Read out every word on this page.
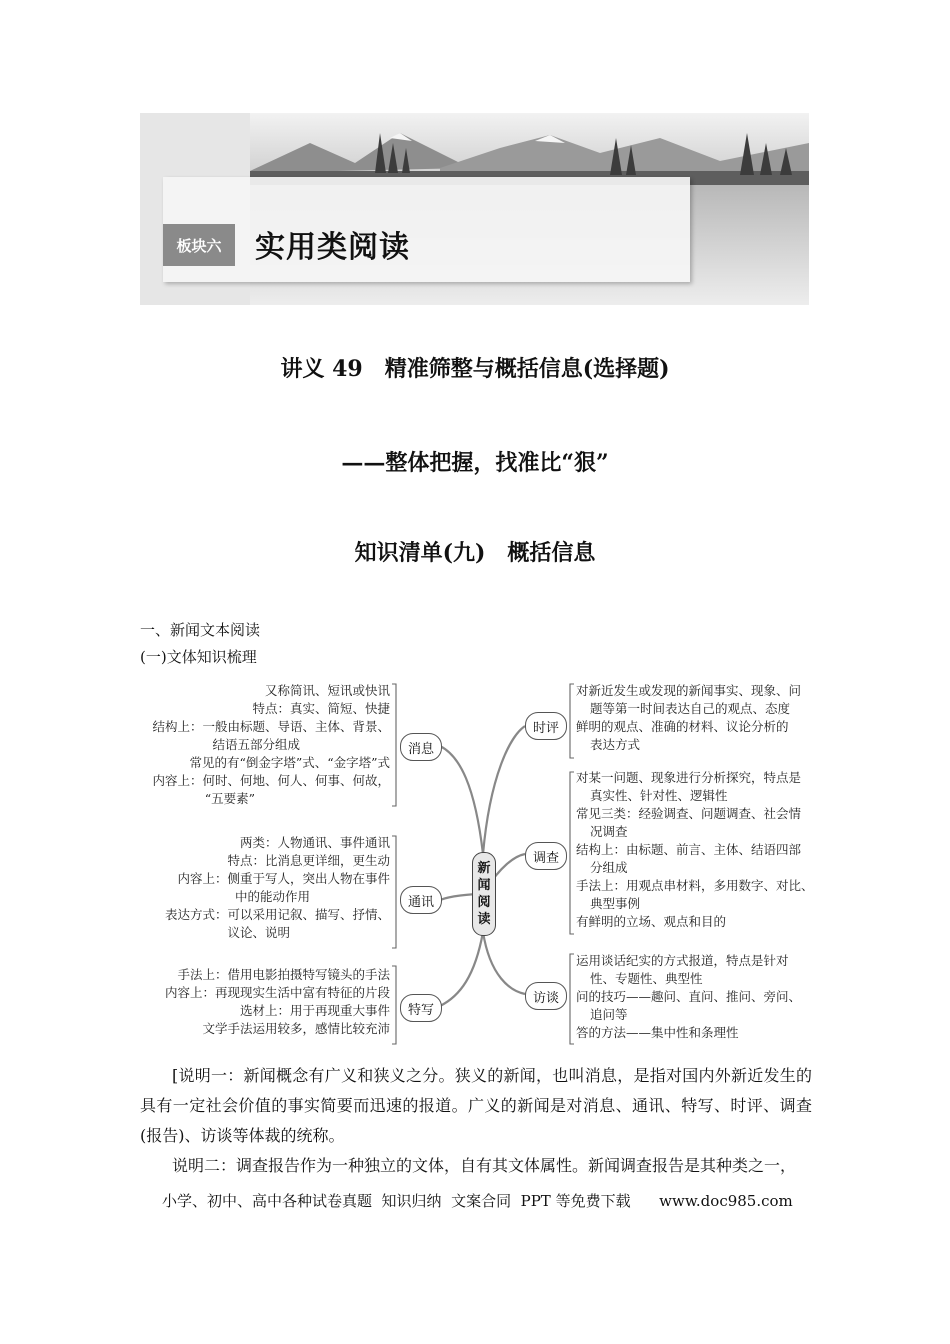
板块六	实用类阅读
讲义 49　精准筛整与概括信息(选择题)
——整体把握，找准比“狠”
知识清单(九)　概括信息
一、新闻文本阅读
(一)文体知识梳理
又称简讯、短讯或快讯
特点：真实、简短、快捷
结构上：一般由标题、导语、主体、背景、
结语五部分组成
常见的有“倒金字塔”式、“金字塔”式
内容上：何时、何地、何人、何事、何故，
“五要素”
消息
两类：人物通讯、事件通讯
特点：比消息更详细，更生动
内容上：侧重于写人，突出人物在事件
中的能动作用
表达方式：可以采用记叙、描写、抒情、
议论、说明
通讯
手法上：借用电影拍摄特写镜头的手法
内容上：再现现实生活中富有特征的片段
选材上：用于再现重大事件
文学手法运用较多，感情比较充沛
特写
新
闻
阅
读
时评
对新近发生或发现的新闻事实、现象、问
题等第一时间表达自己的观点、态度
鲜明的观点、准确的材料、议论分析的
表达方式
调查
对某一问题、现象进行分析探究，特点是
真实性、针对性、逻辑性
常见三类：经验调查、问题调查、社会情
况调查
结构上：由标题、前言、主体、结语四部
分组成
手法上：用观点串材料，多用数字、对比、
典型事例
有鲜明的立场、观点和目的
访谈
运用谈话纪实的方式报道，特点是针对
性、专题性、典型性
问的技巧——趣问、直问、推问、旁问、
追问等
答的方法——集中性和条理性
[说明一：新闻概念有广义和狭义之分。狭义的新闻，也叫消息，是指对国内外新近发生的具有一定社会价值的事实简要而迅速的报道。广义的新闻是对消息、通讯、特写、时评、调查(报告)、访谈等体裁的统称。
说明二：调查报告作为一种独立的文体，自有其文体属性。新闻调查报告是其种类之一，
小学、初中、高中各种试卷真题  知识归纳  文案合同  PPT 等免费下载      www.doc985.com
